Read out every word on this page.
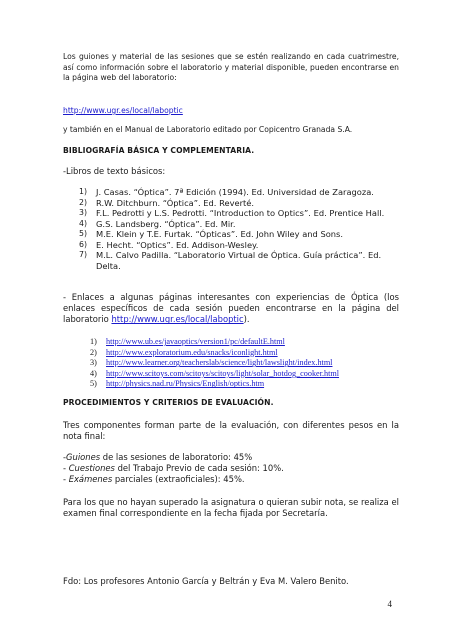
Los guiones y material de las sesiones que se estén realizando en cada cuatrimestre, así como información sobre el laboratorio y material disponible, pueden encontrarse en la página web del laboratorio:

http://www.ugr.es/local/laboptic

y también en el Manual de Laboratorio editado por Copicentro Granada S.A.

BIBLIOGRAFÍA BÁSICA Y COMPLEMENTARIA.
-Libros de texto básicos:
1) J. Casas. “Óptica”. 7ª Edición (1994). Ed. Universidad de Zaragoza.
2) R.W. Ditchburn. “Óptica”. Ed. Reverté.
3) F.L. Pedrotti y L.S. Pedrotti. “Introduction to Optics”. Ed. Prentice Hall.
4) G.S. Landsberg. “Óptica”. Ed. Mir.
5) M.E. Klein y T.E. Furtak. “Ópticas”. Ed. John Wiley and Sons.
6) E. Hecht. “Optics”. Ed. Addison-Wesley.
7) M.L. Calvo Padilla. “Laboratorio Virtual de Óptica. Guía práctica”. Ed. Delta.

- Enlaces a algunas páginas interesantes con experiencias de Óptica (los enlaces específicos de cada sesión pueden encontrarse en la página del laboratorio http://www.ugr.es/local/laboptic).

1) http://www.ub.es/javaoptics/version1/pc/defaultE.html
2) http://www.exploratorium.edu/snacks/iconlight.html
3) http://www.learner.org/teacherslab/science/light/lawslight/index.html
4) http://www.scitoys.com/scitoys/scitoys/light/solar_hotdog_cooker.html
5) http://physics.nad.ru/Physics/English/optics.htm
PROCEDIMIENTOS Y CRITERIOS DE EVALUACIÓN.

Tres componentes forman parte de la evaluación, con diferentes pesos en la nota final:

-Guiones de las sesiones de laboratorio: 45%
- Cuestiones del Trabajo Previo de cada sesión: 10%.
- Exámenes parciales (extraoficiales): 45%.

Para los que no hayan superado la asignatura o quieran subir nota, se realiza el examen final correspondiente en la fecha fijada por Secretaría.

Fdo: Los profesores Antonio García y Beltrán y Eva M. Valero Benito.
4
